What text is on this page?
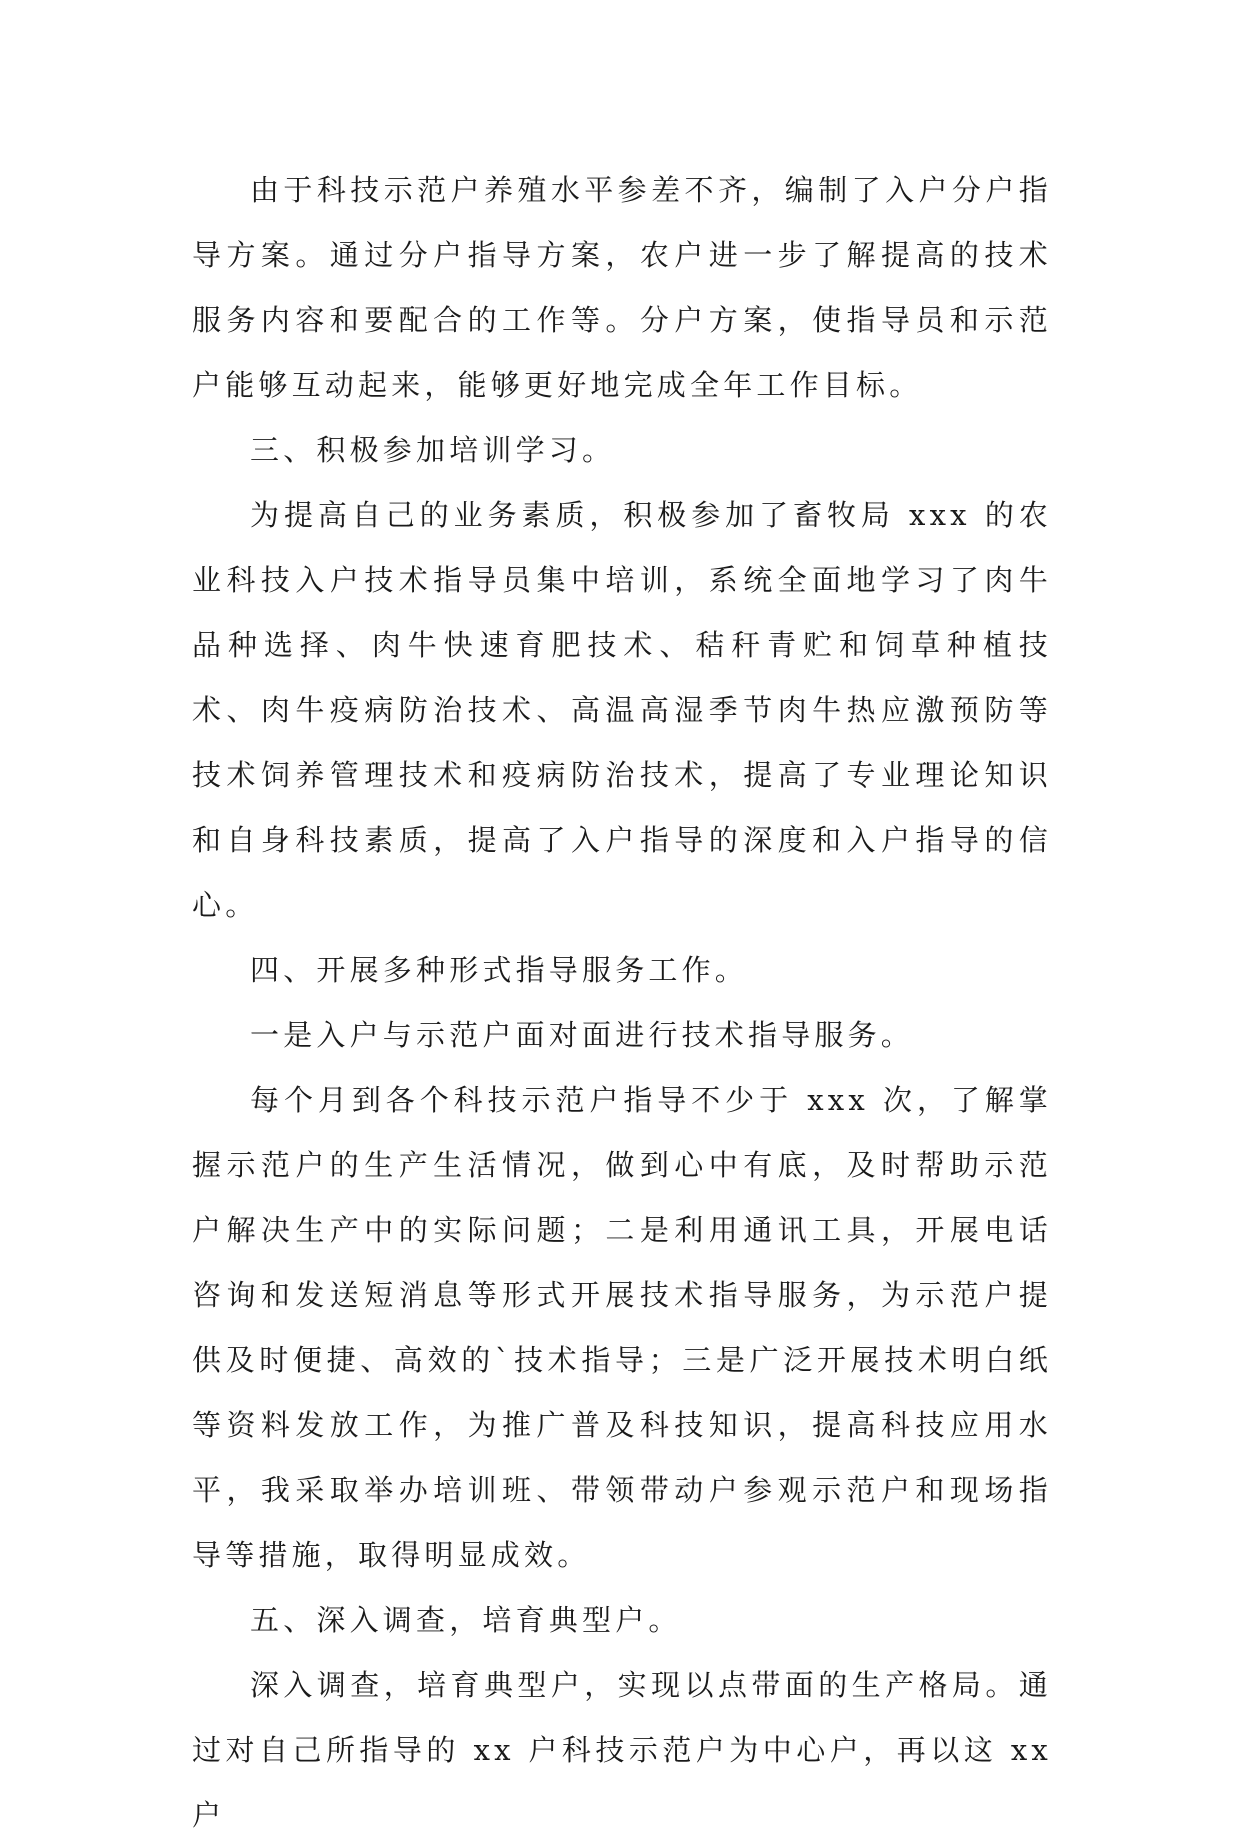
由于科技示范户养殖水平参差不齐，编制了入户分户指导方案。通过分户指导方案，农户进一步了解提高的技术服务内容和要配合的工作等。分户方案，使指导员和示范户能够互动起来，能够更好地完成全年工作目标。

三、积极参加培训学习。

为提高自己的业务素质，积极参加了畜牧局 xxx 的农业科技入户技术指导员集中培训，系统全面地学习了肉牛品种选择、肉牛快速育肥技术、秸秆青贮和饲草种植技术、肉牛疫病防治技术、高温高湿季节肉牛热应激预防等技术饲养管理技术和疫病防治技术，提高了专业理论知识和自身科技素质，提高了入户指导的深度和入户指导的信心。

四、开展多种形式指导服务工作。

一是入户与示范户面对面进行技术指导服务。

每个月到各个科技示范户指导不少于 xxx 次，了解掌握示范户的生产生活情况，做到心中有底，及时帮助示范户解决生产中的实际问题；二是利用通讯工具，开展电话咨询和发送短消息等形式开展技术指导服务，为示范户提供及时便捷、高效的`技术指导；三是广泛开展技术明白纸等资料发放工作，为推广普及科技知识，提高科技应用水平，我采取举办培训班、带领带动户参观示范户和现场指导等措施，取得明显成效。

五、深入调查，培育典型户。

深入调查，培育典型户，实现以点带面的生产格局。通过对自己所指导的 xx 户科技示范户为中心户，再以这 xx 户
